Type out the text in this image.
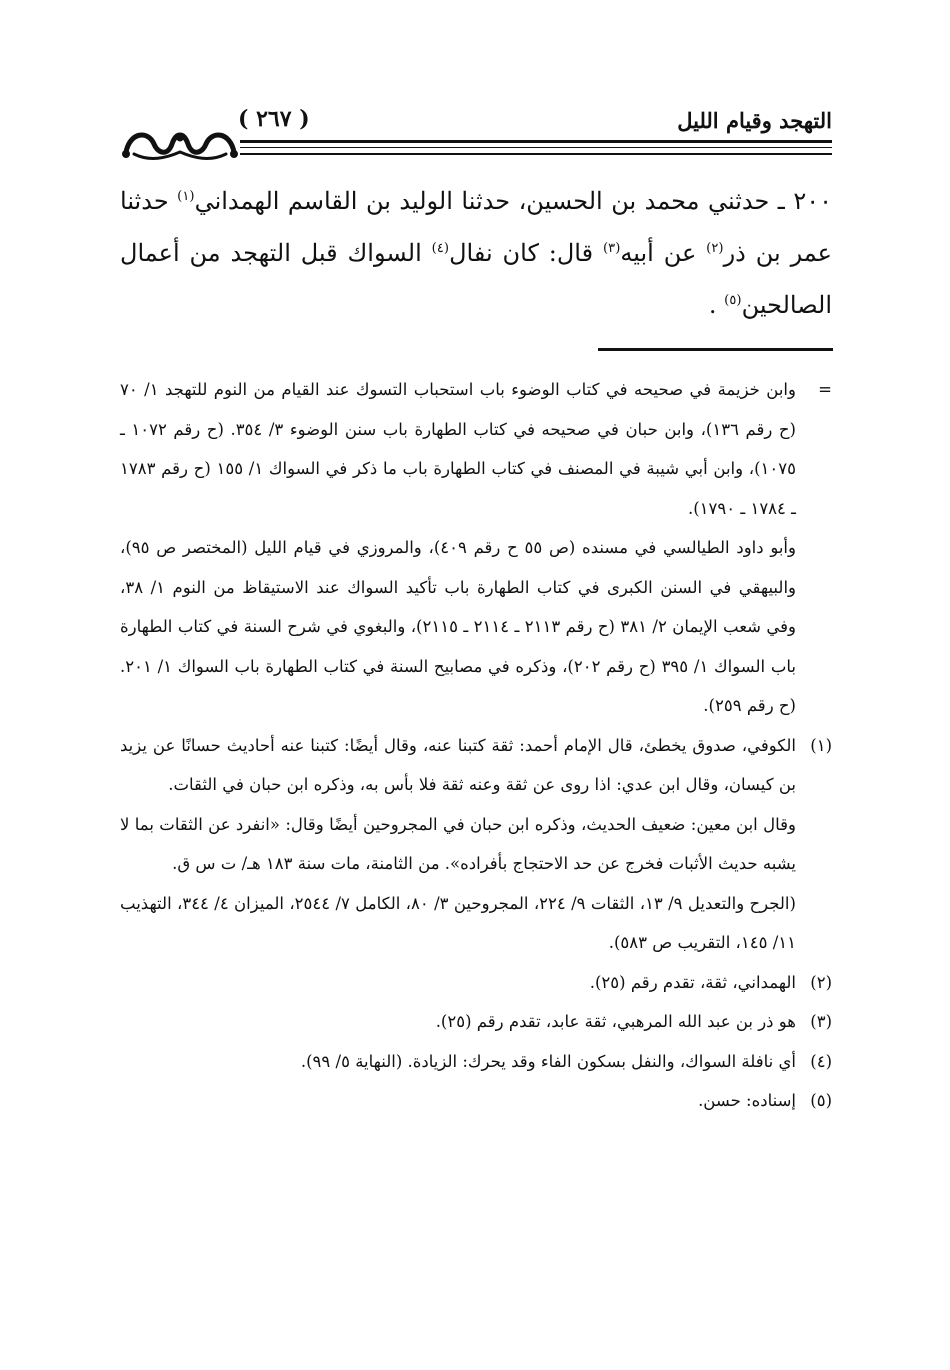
التهجد وقيام الليل
( ٢٦٧ )

٢٠٠ ـ حدثني محمد بن الحسين، حدثنا الوليد بن القاسم الهمداني$^{(١)}$ حدثنا عمر بن ذر$^{(٢)}$ عن أبيه$^{(٣)}$ قال: كان نفال$^{(٤)}$ السواك قبل التهجد من أعمال الصالحين$^{(٥)}$ .

=
وابن خزيمة في صحيحه في كتاب الوضوء باب استحباب التسوك عند القيام من النوم للتهجد ١/ ٧٠ (ح رقم ١٣٦)، وابن حبان في صحيحه في كتاب الطهارة باب سنن الوضوء ٣/ ٣٥٤. (ح رقم ١٠٧٢ ـ ١٠٧٥)، وابن أبي شيبة في المصنف في كتاب الطهارة باب ما ذكر في السواك ١/ ١٥٥ (ح رقم ١٧٨٣ ـ ١٧٨٤ ـ ١٧٩٠).

وأبو داود الطيالسي في مسنده (ص ٥٥ ح رقم ٤٠٩)، والمروزي في قيام الليل (المختصر ص ٩٥)، والبيهقي في السنن الكبرى في كتاب الطهارة باب تأكيد السواك عند الاستيقاظ من النوم ١/ ٣٨، وفي شعب الإيمان ٢/ ٣٨١ (ح رقم ٢١١٣ ـ ٢١١٤ ـ ٢١١٥)، والبغوي في شرح السنة في كتاب الطهارة باب السواك ١/ ٣٩٥ (ح رقم ٢٠٢)، وذكره في مصابيح السنة في كتاب الطهارة باب السواك ١/ ٢٠١. (ح رقم ٢٥٩).

(١)
الكوفي، صدوق يخطئ، قال الإمام أحمد: ثقة كتبنا عنه، وقال أيضًا: كتبنا عنه أحاديث حسانًا عن يزيد بن كيسان، وقال ابن عدي: اذا روى عن ثقة وعنه ثقة فلا بأس به، وذكره ابن حبان في الثقات.

وقال ابن معين: ضعيف الحديث، وذكره ابن حبان في المجروحين أيضًا وقال: «انفرد عن الثقات بما لا يشبه حديث الأثبات فخرج عن حد الاحتجاج بأفراده». من الثامنة، مات سنة ١٨٣ هـ/ ت س ق.

(الجرح والتعديل ٩/ ١٣، الثقات ٩/ ٢٢٤، المجروحين ٣/ ٨٠، الكامل ٧/ ٢٥٤٤، الميزان ٤/ ٣٤٤، التهذيب ١١/ ١٤٥، التقريب ص ٥٨٣).

(٢)
الهمداني، ثقة، تقدم رقم (٢٥).

(٣)
هو ذر بن عبد الله المرهبي، ثقة عابد، تقدم رقم (٢٥).

(٤)
أي نافلة السواك، والنفل بسكون الفاء وقد يحرك: الزيادة. (النهاية ٥/ ٩٩).

(٥)
إسناده: حسن.
